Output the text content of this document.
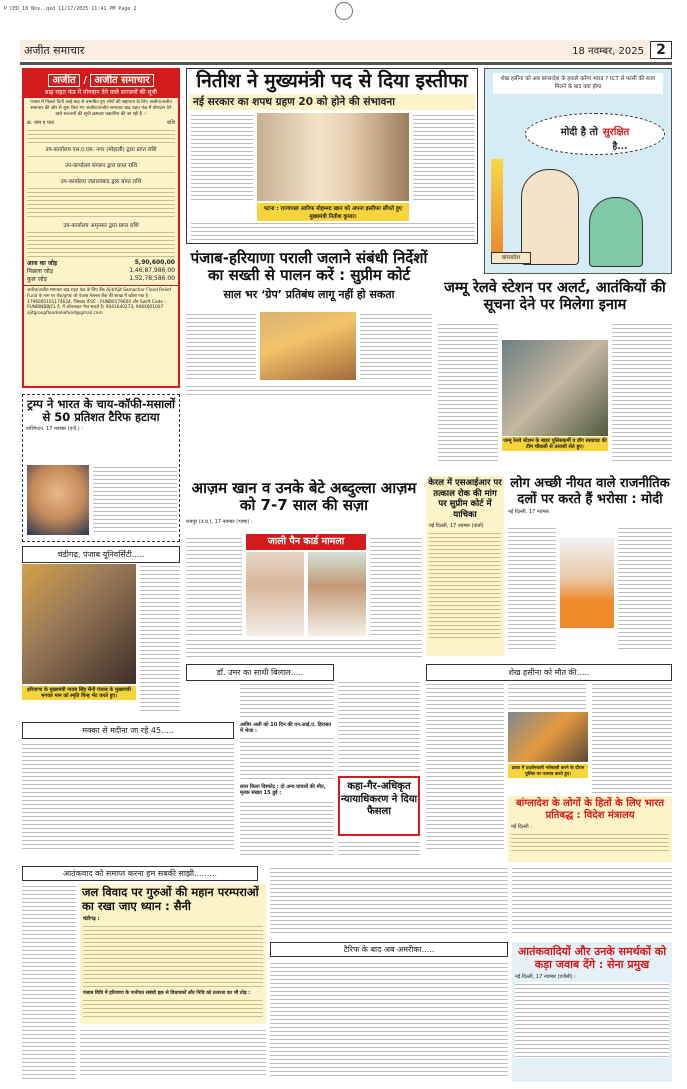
P CED_18 Nov..qxd 11/17/2025 11:41 PM Page 2
अजीत समाचार	18 नवम्बर, 2025 2
अजीत / अजीत समाचार
बाढ़ राहत फंड में योगदान देने वाले सज्जनों की सूची
पंजाब में पिछले दिनों आई बाढ़ से प्रभावित हुए लोगों की सहायता के लिए अजीत/अजीत समाचार की ओर से शुरू किए गए अजीत/अजीत समाचार बाढ़ राहत फंड में योगदान देने वाले सज्जनों की सूची क्रमवार प्रकाशित की जा रही है :-
क्र. नाम व पता	राशि
उप-कार्यालय एस.ए.एस. नगर (मोहाली) द्वारा प्राप्त राशि
उप-कार्यालय संगरूर द्वारा प्राप्त राशि
उप-कार्यालय जलालाबाद द्वारा प्राप्त राशि
उप-कार्यालय अमृतसर द्वारा प्राप्त राशि
आज का जोड़	5,90,600.00
पिछला जोड़	1,46,87,986.00
कुल जोड़	1,52,78,586.00
अजीत/अजीत समाचार बाढ़ राहत फंड के लिए बैंक Ajit/Ajit Samachar Flood Relief Fund के नाम पर चेक/ड्राफ्ट जो पंजाब नेशनल बैंक की शाखा में खोला गया है 1796000101174634, जिसका IFSC : PUNB0179600 और Swift Code : PUNBINBBJCL है, में ऑनलाइन भेज सकते हैं। 9041640273, 9464601007 ajitgroupfloodreliefund@gmail.com
नितीश ने मुख्यमंत्री पद से दिया इस्तीफा
नई सरकार का शपथ ग्रहण 20 को होने की संभावना
पटना : राज्यपाल आरिफ मोहम्मद खान को अपना इस्तीफा सौंपते हुए मुख्यमंत्री नितीश कुमार।
शेख हसीना को अब बांग्लादेश के हवाले करेगा भारत ? ICT से फांसी की सजा मिलने के बाद क्या होगा
मोदी है तो सुरक्षित
है...
बांग्लादेश
पंजाब-हरियाणा पराली जलाने संबंधी निर्देशों का सख्ती से पालन करें : सुप्रीम कोर्ट
साल भर ‘ग्रेप’ प्रतिबंध लागू नहीं हो सकता	जम्मू रेलवे स्टेशन पर अलर्ट, आतंकियों की सूचना देने पर मिलेगा इनाम
जम्मू रेलवे स्टेशन के बाहर पुलिसकर्मी व डॉग स्क्वायड की टीम चौकसी से तलाशी लेते हुए।
ट्रम्प ने भारत के चाय-कॉफी-मसालों से 50 प्रतिशत टैरिफ हटाया
वाशिंगटन, 17 नवम्बर (एजें.) :
चंडीगढ़, पंजाब यूनिवर्सिटी.....
हरियाणा के मुख्यमंत्री नायब सिंह सैनी पंजाब के मुख्यमंत्री भगवंत मान को स्मृति चिन्ह भेंट करते हुए।
आज़म खान व उनके बेटे अब्दुल्ला आज़म को 7-7 साल की सज़ा
रामपुर (उ.प्र.), 17 नवम्बर (भाषा) :
जाली पैन कार्ड मामला
केरल में एसआईआर पर तत्काल रोक की मांग पर सुप्रीम कोर्ट में याचिका
नई दिल्ली, 17 नवम्बर (वार्ता)
लोग अच्छी नीयत वाले राजनीतिक दलों पर करते हैं भरोसा : मोदी
नई दिल्ली, 17 नवम्बर
मक्का से मदीना जा रहे 45.....
डॉ. उमर का साथी बिलाल.....
आमिर अली को 10 दिन की एन.आई.ए. हिरासत में भेजा :
लाल किला विस्फोट : दो अन्य घायलों की मौत, मृतक संख्या 15 हुई :
कहा-गैर-अधिकृत न्यायाधिकरण ने दिया फैसला
शेख हसीना को मौत की.....
ढाका में प्रदर्शनकारी नारेबाज़ी करने के दौरान पुलिस पर पथराव करते हुए।
बांग्लादेश के लोगों के हितों के लिए भारत प्रतिबद्ध : विदेश मंत्रालय
नई दिल्ली :
आतंकवाद को समाप्त करना हम सबकी साझी.........
जल विवाद पर गुरुओं की महान परम्पराओं का रखा जाए ध्यान : सैनी
चंडीगढ़ :
पंजाब विधि में हरियाणा के पानीपत संबंधी हक़ से विधायकों और निधि को तत्परता का भी तोड़ :
टैरिफ के बाद अब अमरीका.....	आतंकवादियों और उनके समर्थकों को कड़ा जवाब देंगे : सेना प्रमुख
नई दिल्ली, 17 नवम्बर (एजेंसी) :
